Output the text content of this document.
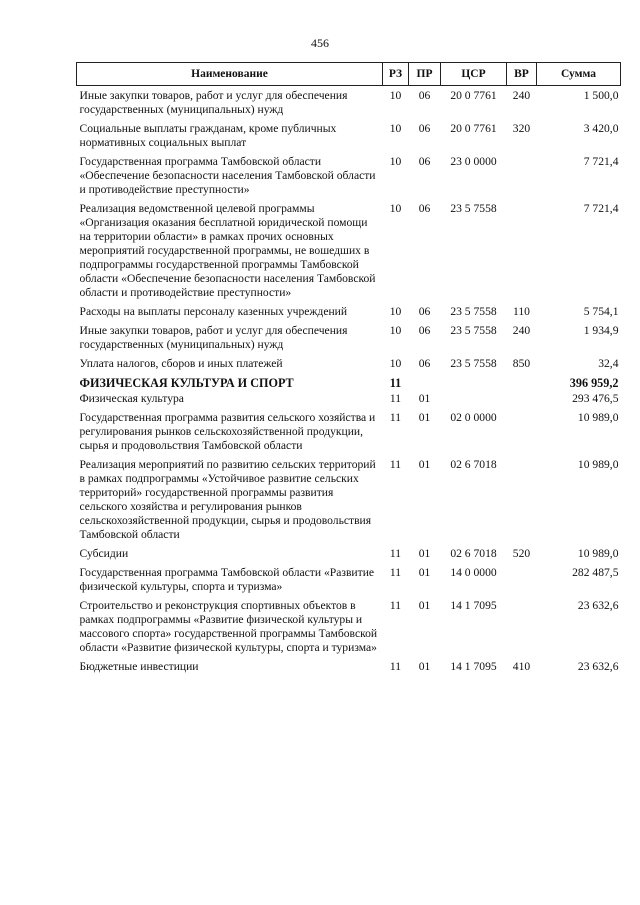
456
Наименование	РЗ	ПР	ЦСР	ВР	Сумма
Иные закупки товаров, работ и услуг для обеспечения государственных (муниципальных) нужд	10	06	20 0 7761	240	1 500,0
Социальные выплаты гражданам, кроме публичных нормативных социальных выплат	10	06	20 0 7761	320	3 420,0
Государственная программа Тамбовской области «Обеспечение безопасности населения Тамбовской области и противодействие преступности»	10	06	23 0 0000		7 721,4
Реализация ведомственной целевой программы «Организация оказания бесплатной юридической помощи на территории области» в рамках прочих основных мероприятий государственной программы, не вошедших в подпрограммы государственной программы Тамбовской области «Обеспечение безопасности населения Тамбовской области и противодействие преступности»	10	06	23 5 7558		7 721,4
Расходы на выплаты персоналу казенных учреждений	10	06	23 5 7558	110	5 754,1
Иные закупки товаров, работ и услуг для обеспечения государственных (муниципальных) нужд	10	06	23 5 7558	240	1 934,9
Уплата налогов, сборов и иных платежей	10	06	23 5 7558	850	32,4
ФИЗИЧЕСКАЯ КУЛЬТУРА И СПОРТ	11				396 959,2
Физическая культура	11	01			293 476,5
Государственная программа развития сельского хозяйства и регулирования рынков сельскохозяйственной продукции, сырья и продовольствия Тамбовской области	11	01	02 0 0000		10 989,0
Реализация мероприятий по развитию сельских территорий в рамках подпрограммы «Устойчивое развитие сельских территорий» государственной программы развития сельского хозяйства и регулирования рынков сельскохозяйственной продукции, сырья и продовольствия Тамбовской области	11	01	02 6 7018		10 989,0
Субсидии	11	01	02 6 7018	520	10 989,0
Государственная программа Тамбовской области «Развитие физической культуры, спорта и туризма»	11	01	14 0 0000		282 487,5
Строительство и реконструкция спортивных объектов в рамках подпрограммы «Развитие физической культуры и массового спорта» государственной программы Тамбовской области «Развитие физической культуры, спорта и туризма»	11	01	14 1 7095		23 632,6
Бюджетные инвестиции	11	01	14 1 7095	410	23 632,6
